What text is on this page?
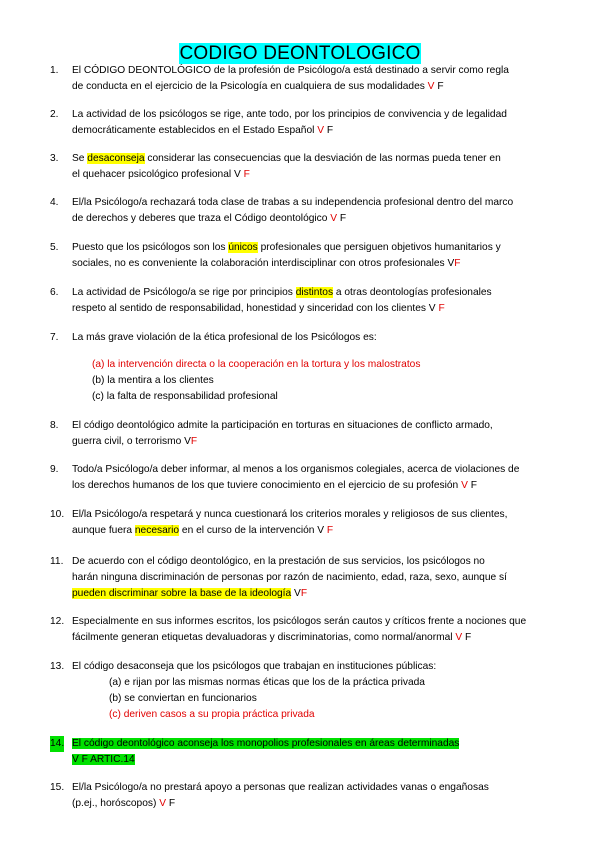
CODIGO DEONTOLOGICO
1. El CÓDIGO DEONTOLÓGICO de la profesión de Psicólogo/a está destinado a servir como regla
de conducta en el ejercicio de la Psicología en cualquiera de sus modalidades V F
2. La actividad de los psicólogos se rige, ante todo, por los principios de convivencia y de legalidad
democráticamente establecidos en el Estado Español V F
3. Se desaconseja considerar las consecuencias que la desviación de las normas pueda tener en
el quehacer psicológico profesional V F
4. El/la Psicólogo/a rechazará toda clase de trabas a su independencia profesional dentro del marco
de derechos y deberes que traza el Código deontológico V F
5. Puesto que los psicólogos son los únicos profesionales que persiguen objetivos humanitarios y
sociales, no es conveniente la colaboración interdisciplinar con otros profesionales VF
6. La actividad de Psicólogo/a se rige por principios distintos a otras deontologías profesionales
respeto al sentido de responsabilidad, honestidad y sinceridad con los clientes V F
7. La más grave violación de la ética profesional de los Psicólogos es:
(a) la intervención directa o la cooperación en la tortura y los malostratos
(b) la mentira a los clientes
(c) la falta de responsabilidad profesional
8. El código deontológico admite la participación en torturas en situaciones de conflicto armado,
guerra civil, o terrorismo VF
9. Todo/a Psicólogo/a deber informar, al menos a los organismos colegiales, acerca de violaciones de
los derechos humanos de los que tuviere conocimiento en el ejercicio de su profesión V F
10. El/la Psicólogo/a respetará y nunca cuestionará los criterios morales y religiosos de sus clientes,
aunque fuera necesario en el curso de la intervención V F
11. De acuerdo con el código deontológico, en la prestación de sus servicios, los psicólogos no
harán ninguna discriminación de personas por razón de nacimiento, edad, raza, sexo, aunque sí
pueden discriminar sobre la base de la ideología VF
12. Especialmente en sus informes escritos, los psicólogos serán cautos y críticos frente a nociones que
fácilmente generan etiquetas devaluadoras y discriminatorias, como normal/anormal V F
13. El código desaconseja que los psicólogos que trabajan en instituciones públicas:
(a) e rijan por las mismas normas éticas que los de la práctica privada
(b) se conviertan en funcionarios
(c) deriven casos a su propia práctica privada
14. El código deontológico aconseja los monopolios profesionales en áreas determinadas
V F ARTIC.14
15. El/la Psicólogo/a no prestará apoyo a personas que realizan actividades vanas o engañosas
(p.ej., horóscopos) V F
